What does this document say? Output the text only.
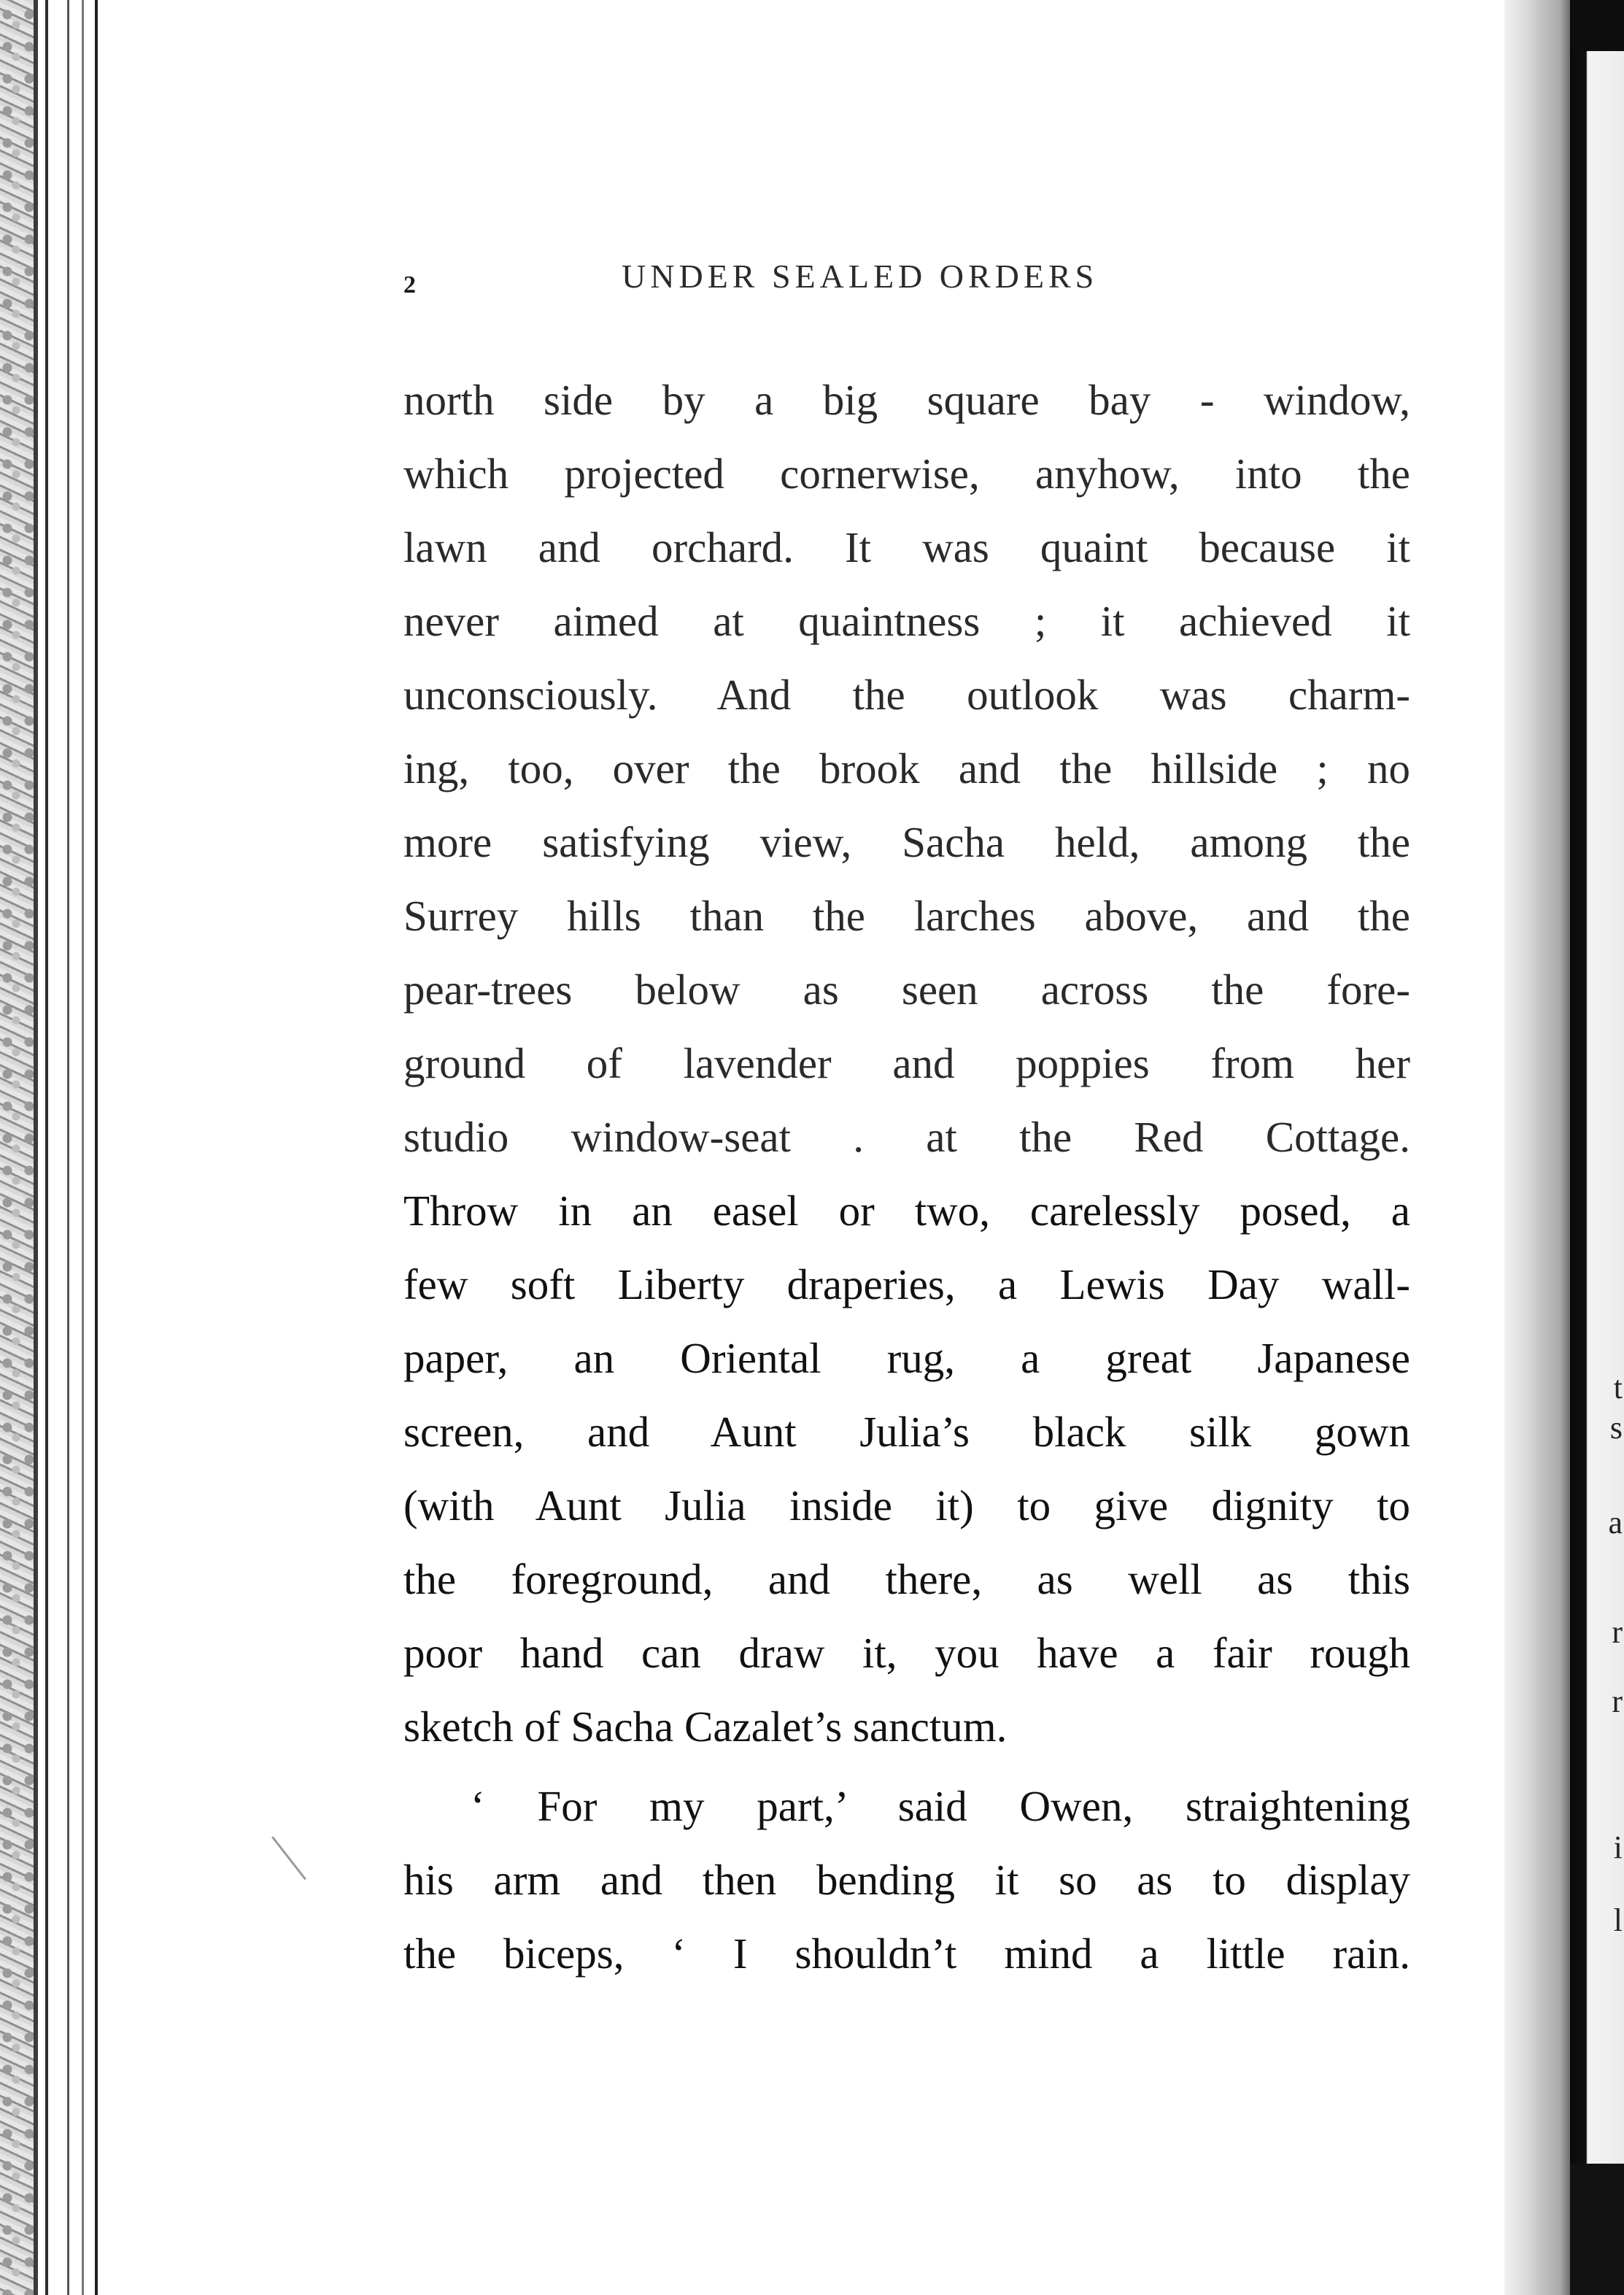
t
s
a
r
r
i
l
2	UNDER SEALED ORDERS
north side by a big square bay - window,
which projected cornerwise, anyhow, into the
lawn and orchard. It was quaint because it
never aimed at quaintness ; it achieved it
unconsciously. And the outlook was charm-
ing, too, over the brook and the hillside ; no
more satisfying view, Sacha held, among the
Surrey hills than the larches above, and the
pear-trees below as seen across the fore-
ground of lavender and poppies from her
studio window-seat . at the Red Cottage.
Throw in an easel or two, carelessly posed, a
few soft Liberty draperies, a Lewis Day wall-
paper, an Oriental rug, a great Japanese
screen, and Aunt Julia’s black silk gown
(with Aunt Julia inside it) to give dignity to
the foreground, and there, as well as this
poor hand can draw it, you have a fair rough
sketch of Sacha Cazalet’s sanctum.
‘ For my part,’ said Owen, straightening
his arm and then bending it so as to display
the biceps, ‘ I shouldn’t mind a little rain.
